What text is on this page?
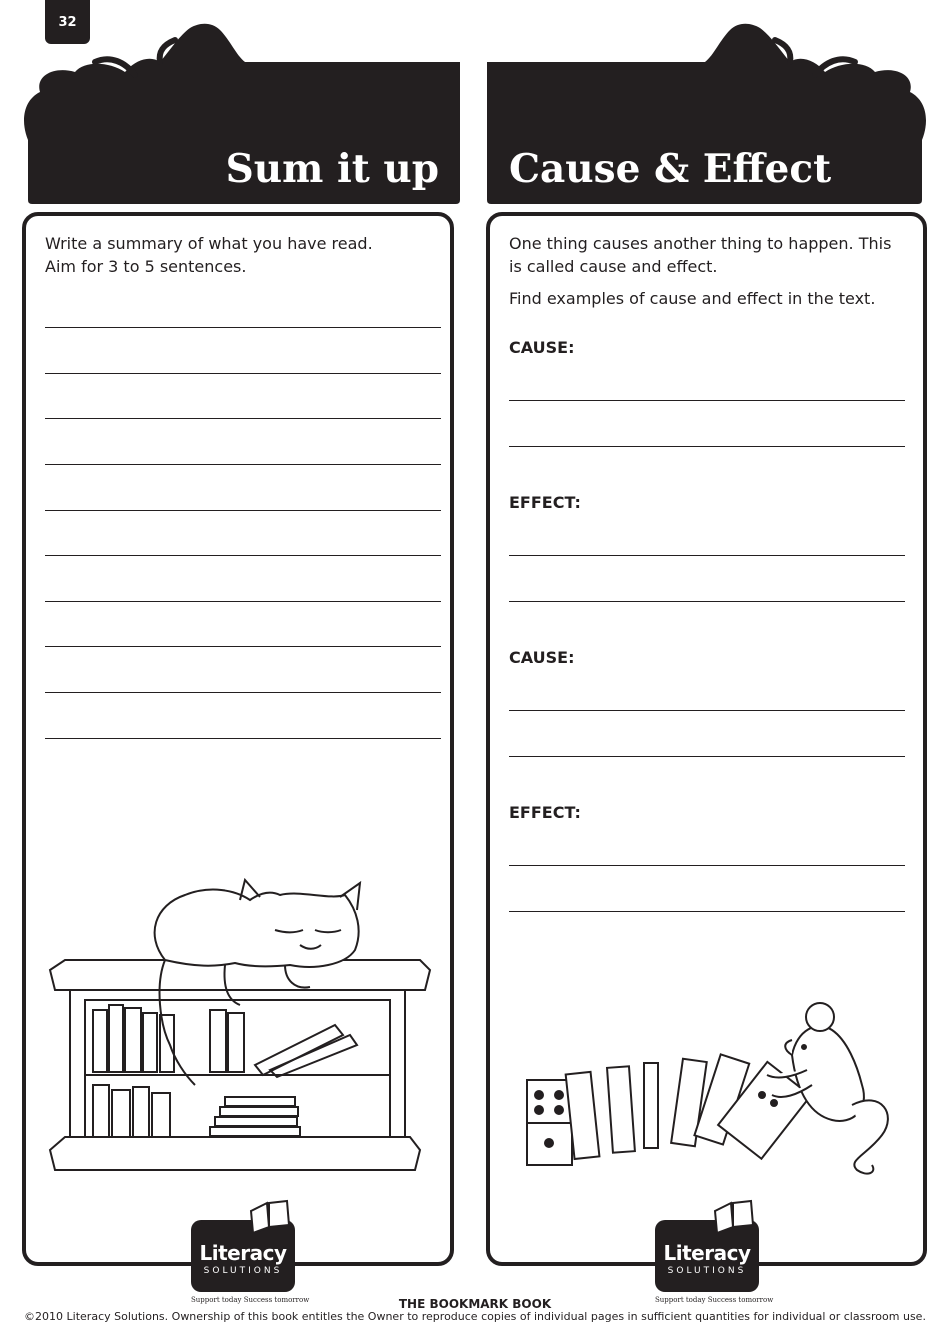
32
Sum it up Cause & Effect
Write a summary of what you have read.
Aim for 3 to 5 sentences.
Literacy
SOLUTIONS
Support today Success tomorrow
One thing causes another thing to happen. This is called cause and effect.
Find examples of cause and effect in the text.
CAUSE:
EFFECT:
CAUSE:
EFFECT:
Literacy
SOLUTIONS
Support today Success tomorrow
THE BOOKMARK BOOK
©2010 Literacy Solutions. Ownership of this book entitles the Owner to reproduce copies of individual pages in sufficient quantities for individual or classroom use.
